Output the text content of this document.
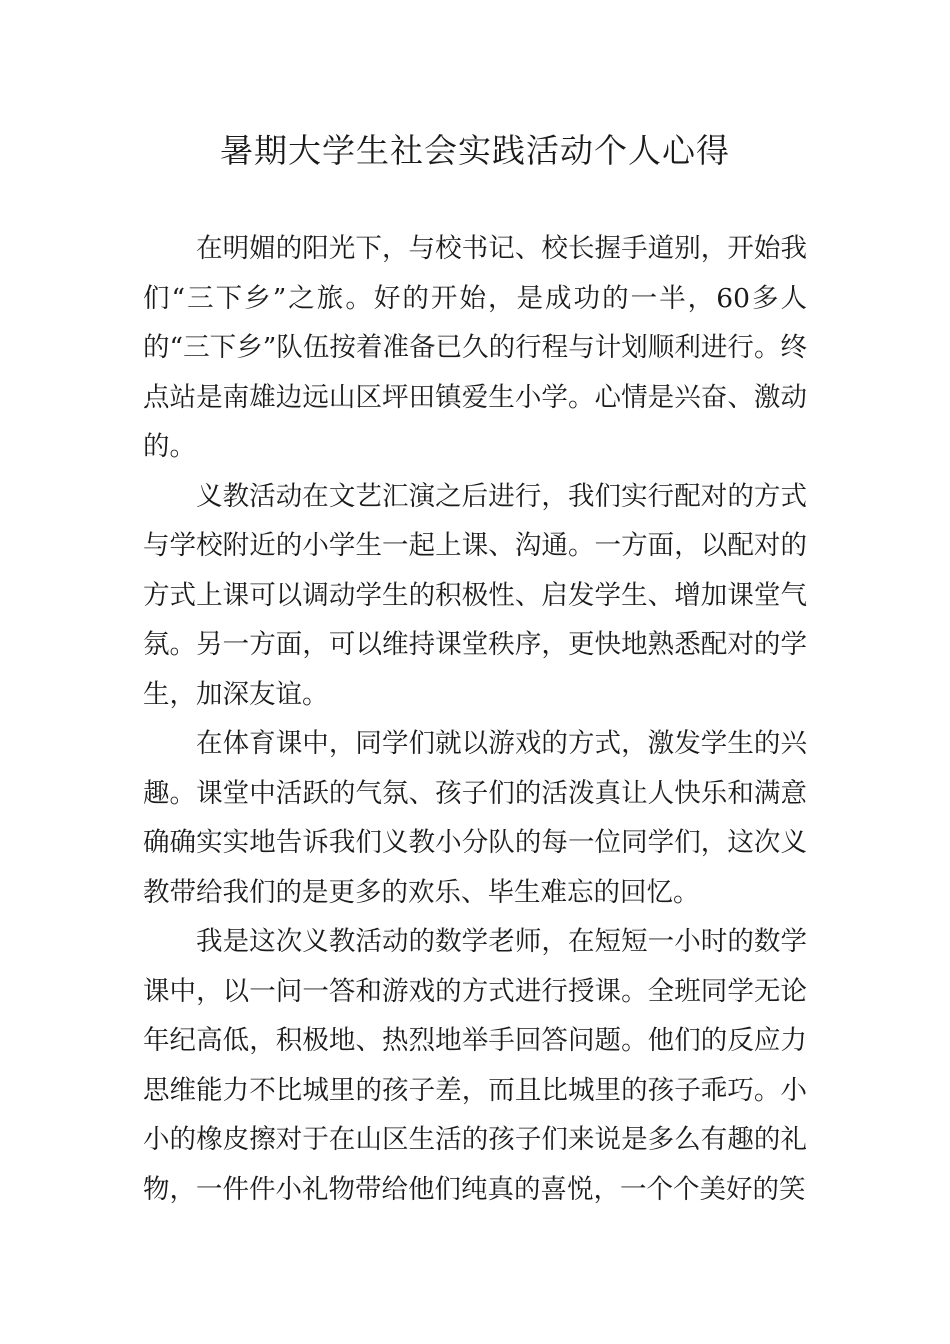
暑期大学生社会实践活动个人心得

在明媚的阳光下，与校书记、校长握手道别，开始我们“三下乡”之旅。好的开始，是成功的一半，60多人的“三下乡”队伍按着准备已久的行程与计划顺利进行。终点站是南雄边远山区坪田镇爱生小学。心情是兴奋、激动的。

义教活动在文艺汇演之后进行，我们实行配对的方式与学校附近的小学生一起上课、沟通。一方面，以配对的方式上课可以调动学生的积极性、启发学生、增加课堂气氛。另一方面，可以维持课堂秩序，更快地熟悉配对的学生，加深友谊。

在体育课中，同学们就以游戏的方式，激发学生的兴趣。课堂中活跃的气氛、孩子们的活泼真让人快乐和满意确确实实地告诉我们义教小分队的每一位同学们，这次义教带给我们的是更多的欢乐、毕生难忘的回忆。

我是这次义教活动的数学老师，在短短一小时的数学课中，以一问一答和游戏的方式进行授课。全班同学无论年纪高低，积极地、热烈地举手回答问题。他们的反应力思维能力不比城里的孩子差，而且比城里的孩子乖巧。小小的橡皮擦对于在山区生活的孩子们来说是多么有趣的礼物，一件件小礼物带给他们纯真的喜悦，一个个美好的笑
